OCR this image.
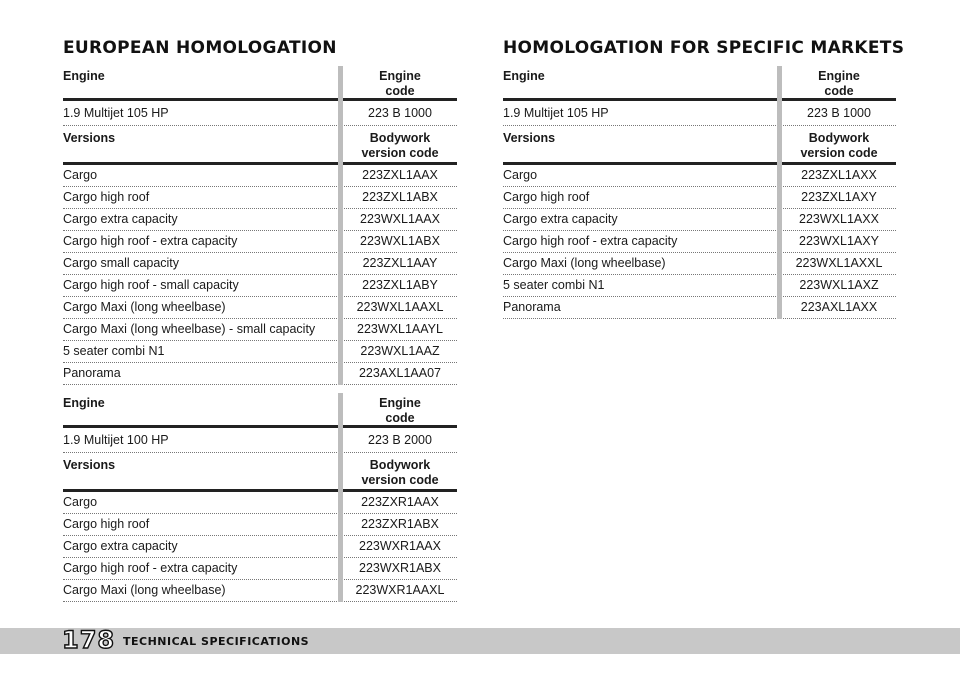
EUROPEAN HOMOLOGATION
Engine	Engine
code
1.9 Multijet 105 HP	223 B 1000
Versions	Bodywork
version code
Cargo	223ZXL1AAX
Cargo high roof	223ZXL1ABX
Cargo extra capacity	223WXL1AAX
Cargo high roof - extra capacity	223WXL1ABX
Cargo small capacity	223ZXL1AAY
Cargo high roof - small capacity	223ZXL1ABY
Cargo Maxi (long wheelbase)	223WXL1AAXL
Cargo Maxi (long wheelbase) - small capacity	223WXL1AAYL
5 seater combi N1	223WXL1AAZ
Panorama	223AXL1AA07
Engine	Engine
code
1.9 Multijet 100 HP	223 B 2000
Versions	Bodywork
version code
Cargo	223ZXR1AAX
Cargo high roof	223ZXR1ABX
Cargo extra capacity	223WXR1AAX
Cargo high roof - extra capacity	223WXR1ABX
Cargo Maxi (long wheelbase)	223WXR1AAXL
HOMOLOGATION FOR SPECIFIC MARKETS
Engine	Engine
code
1.9 Multijet 105 HP	223 B 1000
Versions	Bodywork
version code
Cargo	223ZXL1AXX
Cargo high roof	223ZXL1AXY
Cargo extra capacity	223WXL1AXX
Cargo high roof - extra capacity	223WXL1AXY
Cargo Maxi (long wheelbase)	223WXL1AXXL
5 seater combi N1	223WXL1AXZ
Panorama	223AXL1AXX
178 TECHNICAL SPECIFICATIONS
